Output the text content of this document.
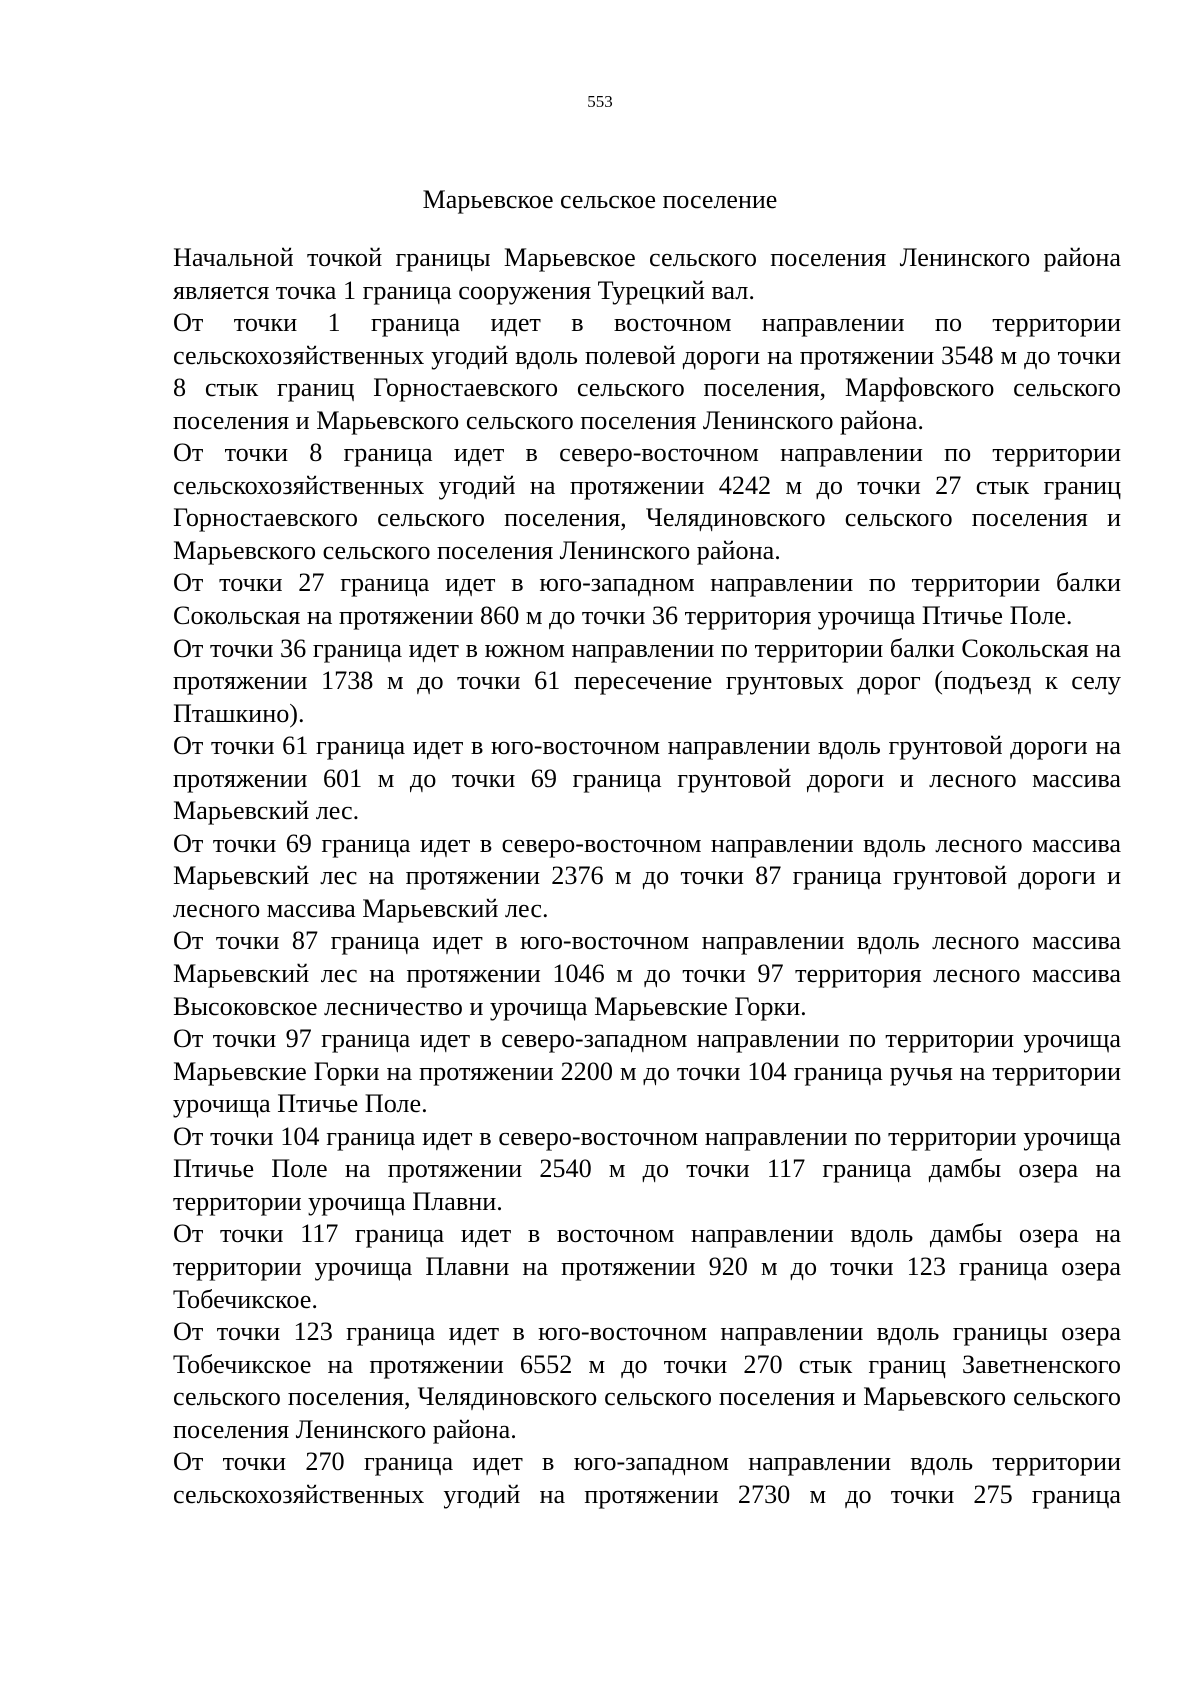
553
Марьевское сельское поселение

Начальной точкой границы Марьевское сельского поселения Ленинского района является точка 1 граница сооружения Турецкий вал.

От точки 1 граница идет в восточном направлении по территории сельскохозяйственных угодий вдоль полевой дороги на протяжении 3548 м до точки 8 стык границ Горностаевского сельского поселения, Марфовского сельского поселения и Марьевского сельского поселения Ленинского района.

От точки 8 граница идет в северо-восточном направлении по территории сельскохозяйственных угодий на протяжении 4242 м до точки 27 стык границ Горностаевского сельского поселения, Челядиновского сельского поселения и Марьевского сельского поселения Ленинского района.

От точки 27 граница идет в юго-западном направлении по территории балки Сокольская на протяжении 860 м до точки 36 территория урочища Птичье Поле.

От точки 36 граница идет в южном направлении по территории балки Сокольская на протяжении 1738 м до точки 61 пересечение грунтовых дорог (подъезд к селу Пташкино).

От точки 61 граница идет в юго-восточном направлении вдоль грунтовой дороги на протяжении 601 м до точки 69 граница грунтовой дороги и лесного массива Марьевский лес.

От точки 69 граница идет в северо-восточном направлении вдоль лесного массива Марьевский лес на протяжении 2376 м до точки 87 граница грунтовой дороги и лесного массива Марьевский лес.

От точки 87 граница идет в юго-восточном направлении вдоль лесного массива Марьевский лес на протяжении 1046 м до точки 97 территория лесного массива Высоковское лесничество и урочища Марьевские Горки.

От точки 97 граница идет в северо-западном направлении по территории урочища Марьевские Горки на протяжении 2200 м до точки 104 граница ручья на территории урочища Птичье Поле.

От точки 104 граница идет в северо-восточном направлении по территории урочища Птичье Поле на протяжении 2540 м до точки 117 граница дамбы озера на территории урочища Плавни.

От точки 117 граница идет в восточном направлении вдоль дамбы озера на территории урочища Плавни на протяжении 920 м до точки 123 граница озера Тобечикское.

От точки 123 граница идет в юго-восточном направлении вдоль границы озера Тобечикское на протяжении 6552 м до точки 270 стык границ Заветненского сельского поселения, Челядиновского сельского поселения и Марьевского сельского поселения Ленинского района.

От точки 270 граница идет в юго-западном направлении вдоль территории сельскохозяйственных угодий на протяжении 2730 м до точки 275 граница
